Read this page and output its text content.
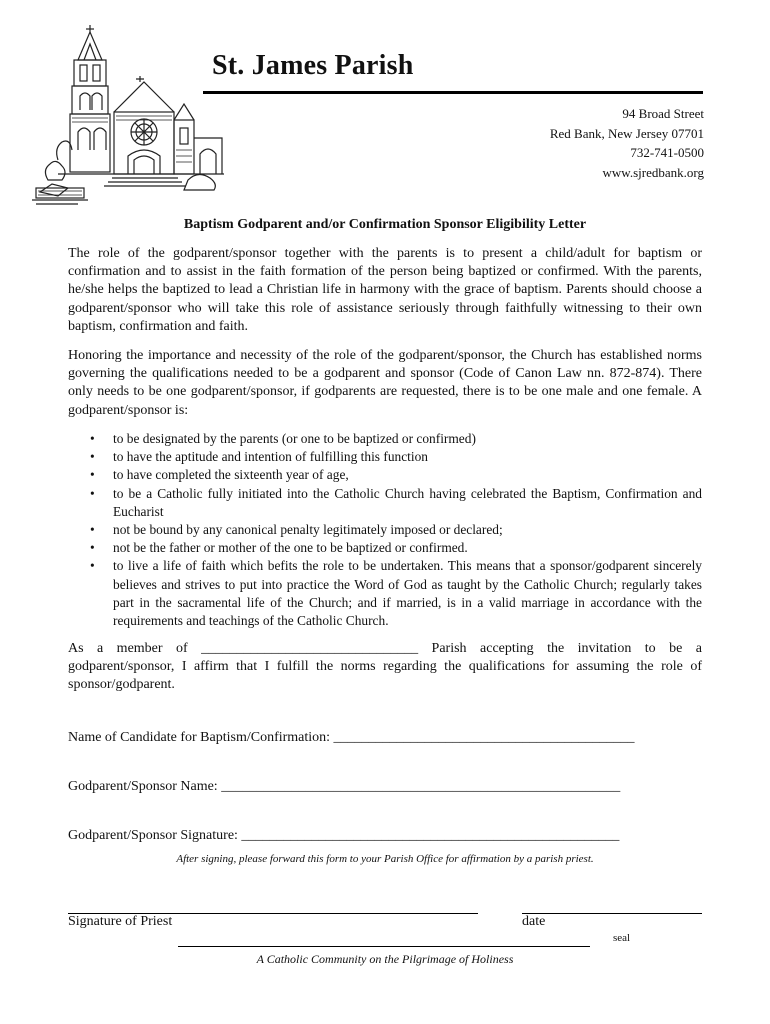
St. James Parish
94 Broad Street
Red Bank, New Jersey 07701
732-741-0500
www.sjredbank.org
Baptism Godparent and/or Confirmation Sponsor Eligibility Letter
The role of the godparent/sponsor together with the parents is to present a child/adult for baptism or confirmation and to assist in the faith formation of the person being baptized or confirmed. With the parents, he/she helps the baptized to lead a Christian life in harmony with the grace of baptism. Parents should choose a godparent/sponsor who will take this role of assistance seriously through faithfully witnessing to their own baptism, confirmation and faith.
Honoring the importance and necessity of the role of the godparent/sponsor, the Church has established norms governing the qualifications needed to be a godparent and sponsor (Code of Canon Law nn. 872-874). There only needs to be one godparent/sponsor, if godparents are requested, there is to be one male and one female. A godparent/sponsor is:
• to be designated by the parents (or one to be baptized or confirmed)
• to have the aptitude and intention of fulfilling this function
• to have completed the sixteenth year of age,
• to be a Catholic fully initiated into the Catholic Church having celebrated the Baptism, Confirmation and Eucharist
• not be bound by any canonical penalty legitimately imposed or declared;
• not be the father or mother of the one to be baptized or confirmed.
• to live a life of faith which befits the role to be undertaken. This means that a sponsor/godparent sincerely believes and strives to put into practice the Word of God as taught by the Catholic Church; regularly takes part in the sacramental life of the Church; and if married, is in a valid marriage in accordance with the requirements and teachings of the Catholic Church.
As a member of _______________________________ Parish accepting the invitation to be a godparent/sponsor, I affirm that I fulfill the norms regarding the qualifications for assuming the role of sponsor/godparent.
Name of Candidate for Baptism/Confirmation: ___________________________________________
Godparent/Sponsor Name: _________________________________________________________
Godparent/Sponsor Signature: ______________________________________________________
After signing, please forward this form to your Parish Office for affirmation by a parish priest.
Signature of Priest	date
seal
A Catholic Community on the Pilgrimage of Holiness
